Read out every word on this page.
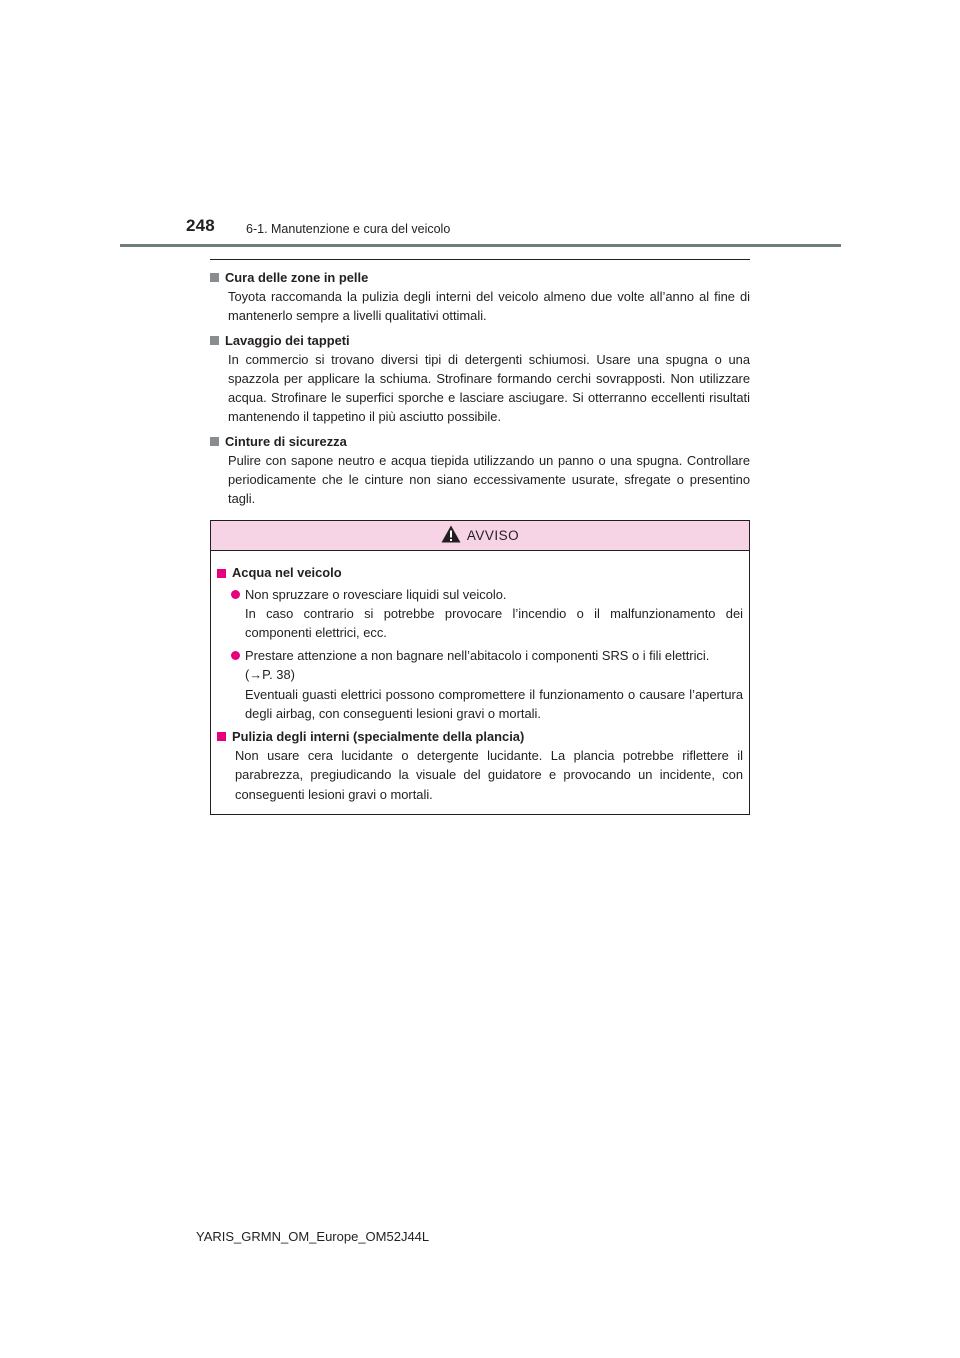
248 6-1. Manutenzione e cura del veicolo
Cura delle zone in pelle
Toyota raccomanda la pulizia degli interni del veicolo almeno due volte all’anno al fine di mantenerlo sempre a livelli qualitativi ottimali.
Lavaggio dei tappeti
In commercio si trovano diversi tipi di detergenti schiumosi. Usare una spugna o una spazzola per applicare la schiuma. Strofinare formando cerchi sovrapposti. Non utilizzare acqua. Strofinare le superfici sporche e lasciare asciugare. Si otterranno eccellenti risultati mantenendo il tappetino il più asciutto possibile.
Cinture di sicurezza
Pulire con sapone neutro e acqua tiepida utilizzando un panno o una spugna. Controllare periodicamente che le cinture non siano eccessivamente usurate, sfregate o presentino tagli.
AVVISO
Acqua nel veicolo
Non spruzzare o rovesciare liquidi sul veicolo.
In caso contrario si potrebbe provocare l’incendio o il malfunzionamento dei componenti elettrici, ecc.
Prestare attenzione a non bagnare nell’abitacolo i componenti SRS o i fili elettrici.
(→P. 38)
Eventuali guasti elettrici possono compromettere il funzionamento o causare l’apertura degli airbag, con conseguenti lesioni gravi o mortali.
Pulizia degli interni (specialmente della plancia)
Non usare cera lucidante o detergente lucidante. La plancia potrebbe riflettere il parabrezza, pregiudicando la visuale del guidatore e provocando un incidente, con conseguenti lesioni gravi o mortali.
YARIS_GRMN_OM_Europe_OM52J44L
